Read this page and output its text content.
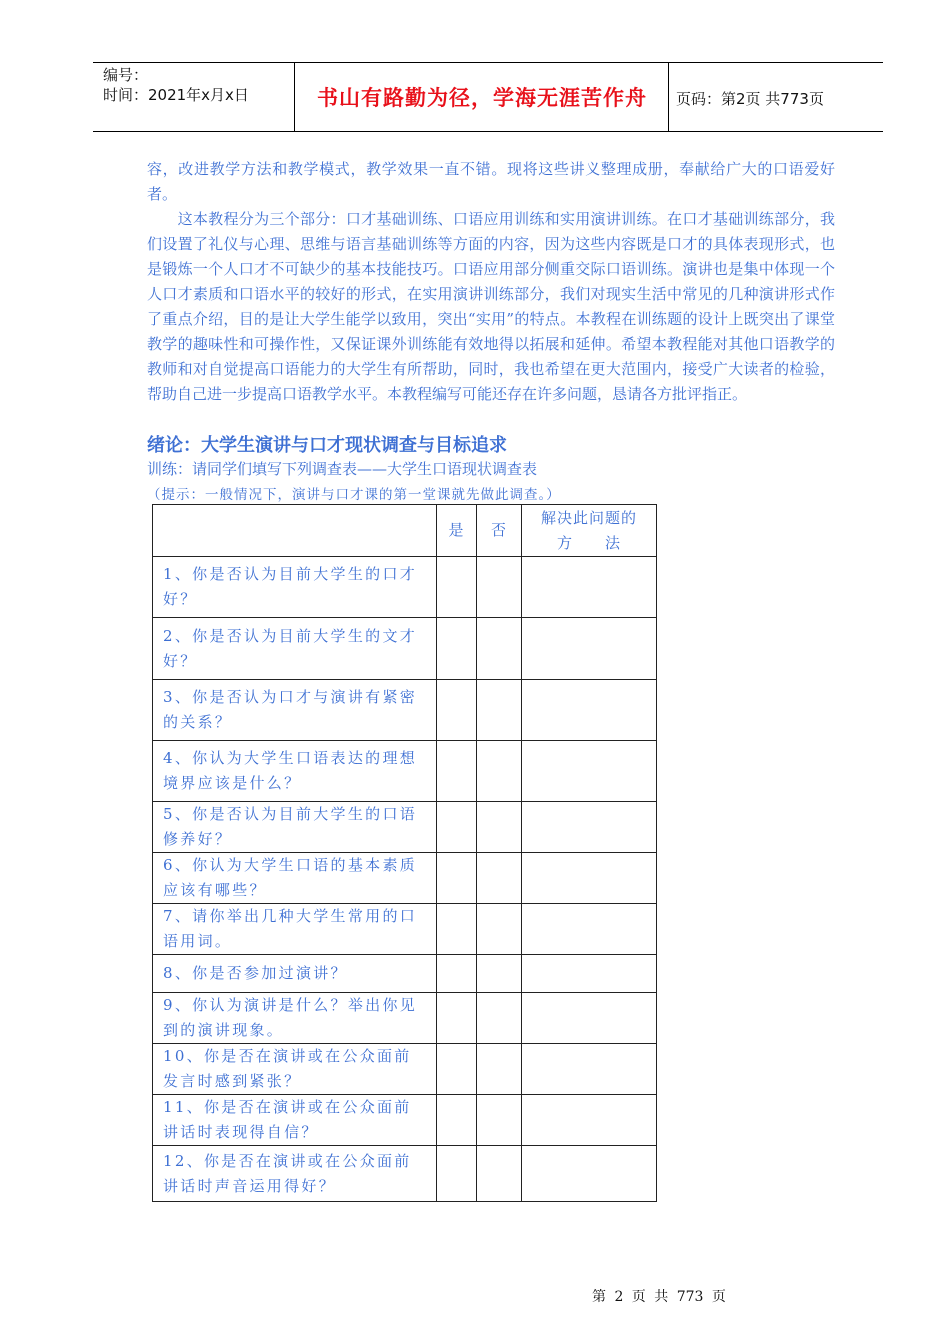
编号：
时间：2021年x月x日	书山有路勤为径，学海无涯苦作舟	页码：第2页 共773页
容，改进教学方法和教学模式，教学效果一直不错。现将这些讲义整理成册，奉献给广大的口语爱好者。
　　这本教程分为三个部分：口才基础训练、口语应用训练和实用演讲训练。在口才基础训练部分，我们设置了礼仪与心理、思维与语言基础训练等方面的内容，因为这些内容既是口才的具体表现形式，也是锻炼一个人口才不可缺少的基本技能技巧。口语应用部分侧重交际口语训练。演讲也是集中体现一个人口才素质和口语水平的较好的形式，在实用演讲训练部分，我们对现实生活中常见的几种演讲形式作了重点介绍，目的是让大学生能学以致用，突出“实用”的特点。本教程在训练题的设计上既突出了课堂教学的趣味性和可操作性，又保证课外训练能有效地得以拓展和延伸。希望本教程能对其他口语教学的教师和对自觉提高口语能力的大学生有所帮助，同时，我也希望在更大范围内，接受广大读者的检验，帮助自己进一步提高口语教学水平。本教程编写可能还存在许多问题，恳请各方批评指正。
绪论：大学生演讲与口才现状调查与目标追求
训练：请同学们填写下列调查表——大学生口语现状调查表
（提示：一般情况下，演讲与口才课的第一堂课就先做此调查。）
	是	否	解决此问题的
方　　法

1、你是否认为目前大学生的口才好？			
2、你是否认为目前大学生的文才好？			
3、你是否认为口才与演讲有紧密的关系？			
4、你认为大学生口语表达的理想境界应该是什么？			
5、你是否认为目前大学生的口语修养好？			
6、你认为大学生口语的基本素质应该有哪些？			
7、请你举出几种大学生常用的口语用词。			
8、你是否参加过演讲？			
9、你认为演讲是什么？举出你见到的演讲现象。			
10、你是否在演讲或在公众面前发言时感到紧张？			
11、你是否在演讲或在公众面前讲话时表现得自信？			
12、你是否在演讲或在公众面前讲话时声音运用得好？			
第 2 页 共 773 页
